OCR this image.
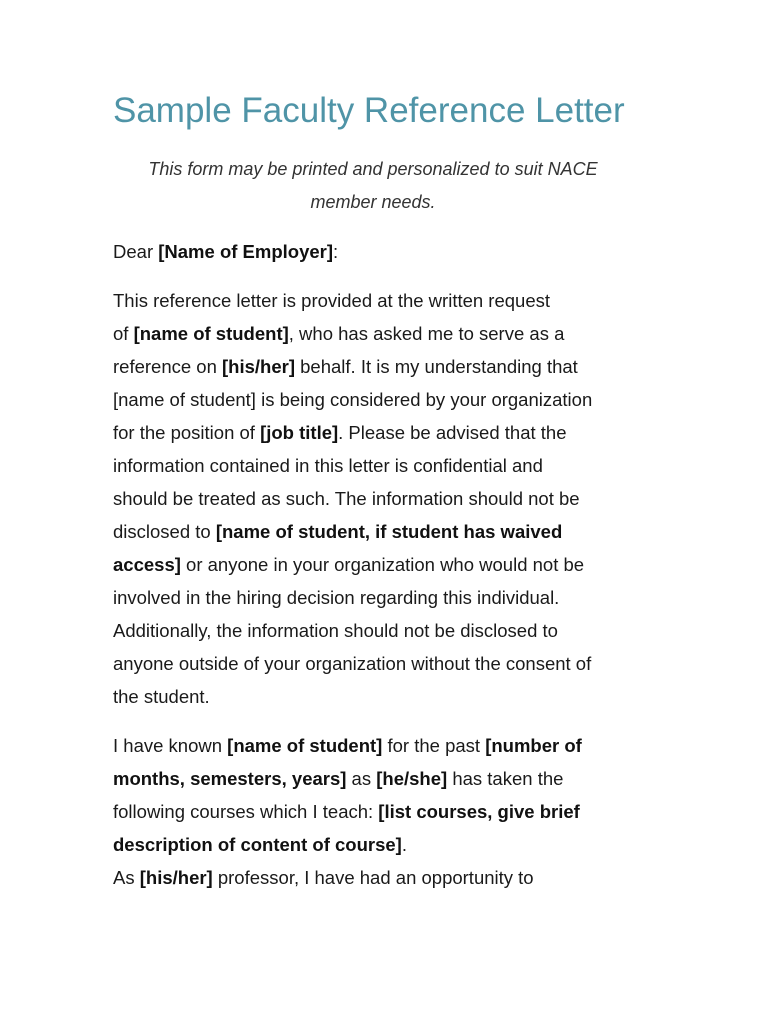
Sample Faculty Reference Letter
This form may be printed and personalized to suit NACE
member needs.
Dear [Name of Employer]:
This reference letter is provided at the written request
of [name of student], who has asked me to serve as a
reference on [his/her] behalf. It is my understanding that
[name of student] is being considered by your organization
for the position of [job title]. Please be advised that the
information contained in this letter is confidential and
should be treated as such. The information should not be
disclosed to [name of student, if student has waived
access] or anyone in your organization who would not be
involved in the hiring decision regarding this individual.
Additionally, the information should not be disclosed to
anyone outside of your organization without the consent of
the student.
I have known [name of student] for the past [number of
months, semesters, years] as [he/she] has taken the
following courses which I teach: [list courses, give brief
description of content of course].
As [his/her] professor, I have had an opportunity to
